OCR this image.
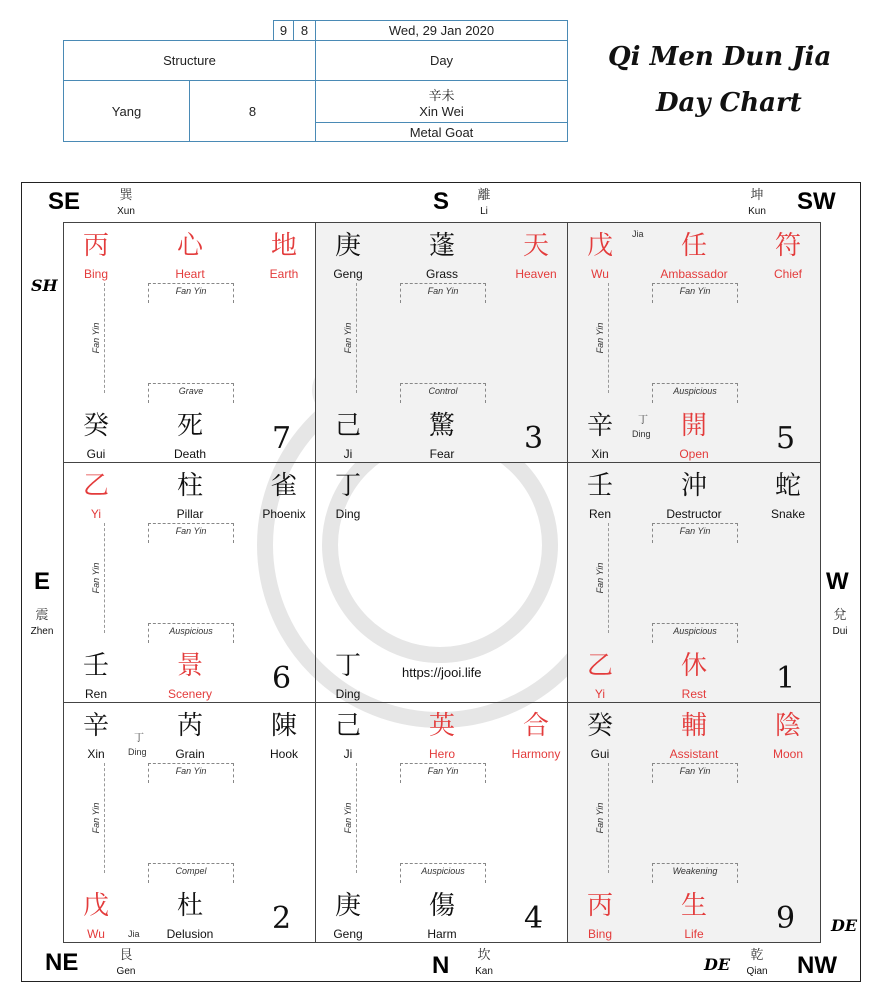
9	8	Wed, 29 Jan 2020
Structure	Day
Yang	8
辛未
Xin Wei
Metal Goat
Qi Men Dun Jia
Day Chart
SE	S	SW
E	W
NE	N	NW
SH
DE
DE
巽
Xun
離
Li
坤
Kun
震
Zhen
兌
Dui
艮
Gen
坎
Kan
乾
Qian
丙
Bing
心
Heart
地
Earth
Fan Yin
Fan Yin
Grave
癸
Gui
死
Death	7
庚
Geng
蓬
Grass
天
Heaven
Fan Yin
Fan Yin
Control
己
Ji
驚
Fear	3
戊
Wu
任
Ambassador
符
Chief
Fan Yin
Fan Yin
Auspicious
辛
Xin
開
Open	5
丁
Ding
Jia
乙
Yi
柱
Pillar
雀
Phoenix
Fan Yin
Fan Yin
Auspicious
壬
Ren
景
Scenery	6
丁
Ding
丁
Ding
https://jooi.life
壬
Ren
沖
Destructor
蛇
Snake
Fan Yin
Fan Yin
Auspicious
乙
Yi
休
Rest	1
辛
Xin
芮
Grain
陳
Hook
Fan Yin
Fan Yin
Compel
戊
Wu
杜
Delusion	2
丁
Ding
Jia
己
Ji
英
Hero
合
Harmony
Fan Yin
Fan Yin
Auspicious
庚
Geng
傷
Harm	4
癸
Gui
輔
Assistant
陰
Moon
Fan Yin
Fan Yin
Weakening
丙
Bing
生
Life	9
